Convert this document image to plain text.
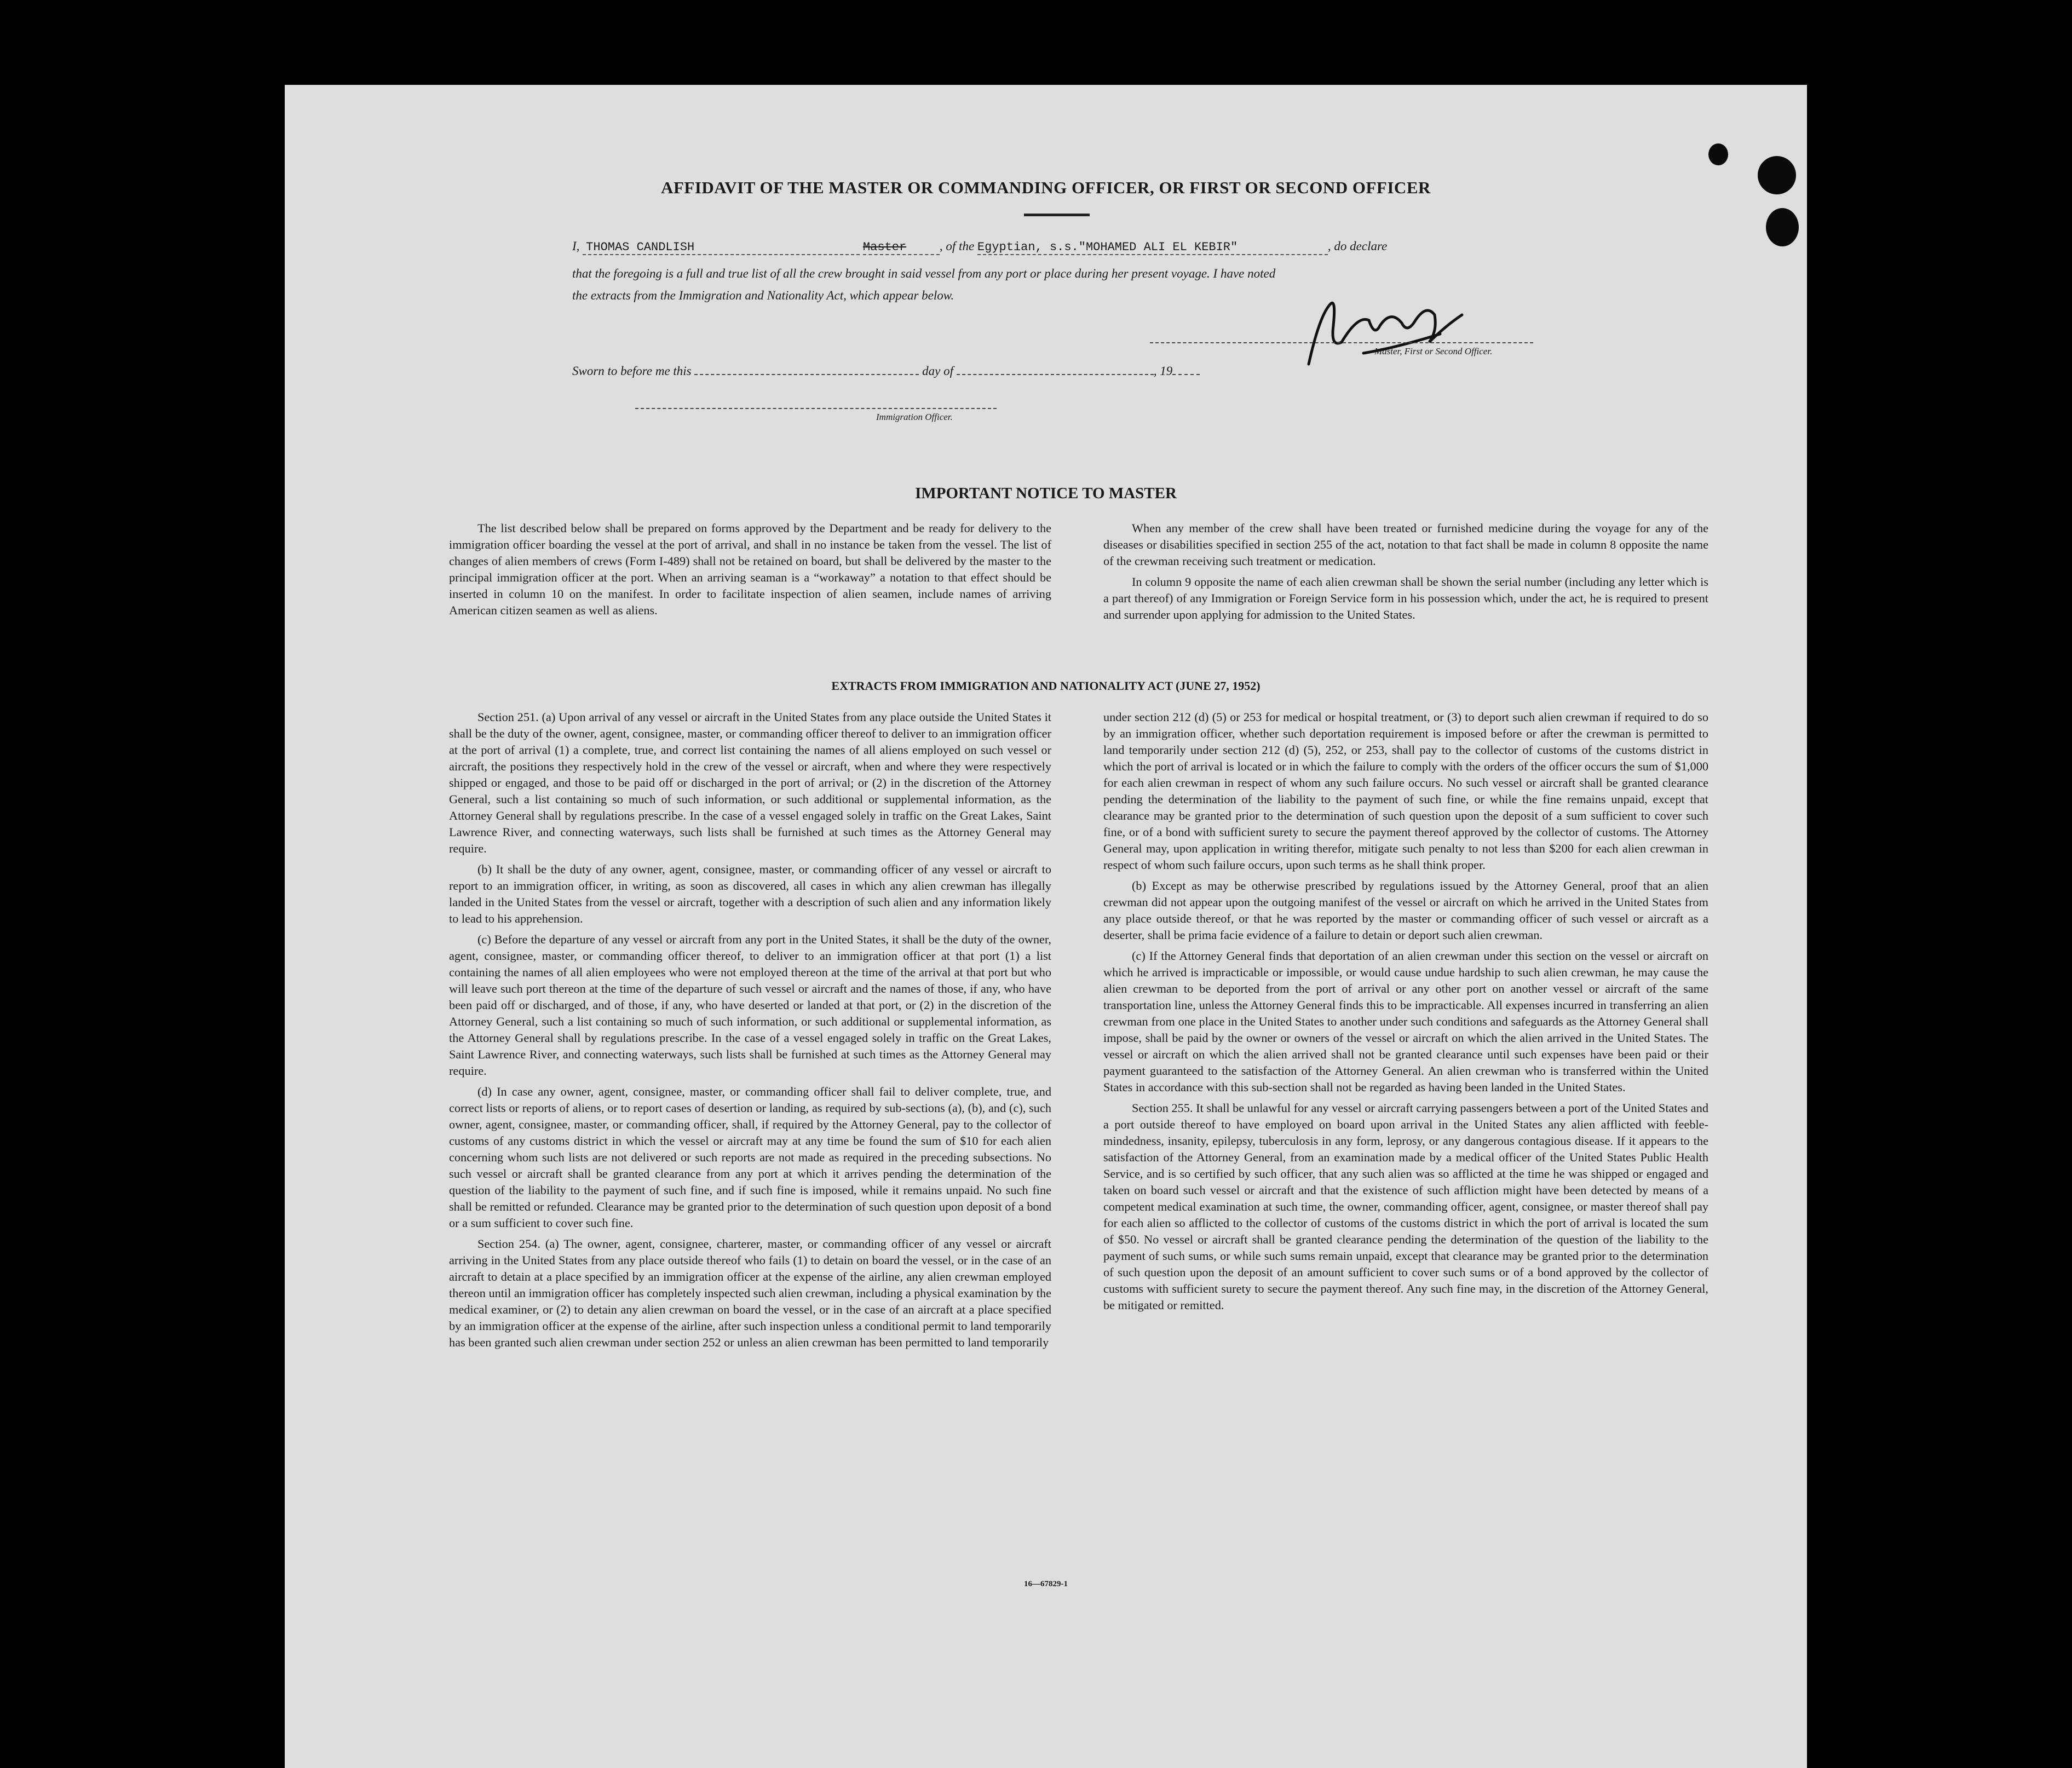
AFFIDAVIT OF THE MASTER OR COMMANDING OFFICER, OR FIRST OR SECOND OFFICER
I, THOMAS CANDLISH	Master	, of the Egyptian, s.s."MOHAMED ALI EL KEBIR"	, do declare
that the foregoing is a full and true list of all the crew brought in said vessel from any port or place during her present voyage. I have noted
the extracts from the Immigration and Nationality Act, which appear below.
Master, First or Second Officer.
Sworn to before me this	day of	, 19
Immigration Officer.
IMPORTANT NOTICE TO MASTER

The list described below shall be prepared on forms approved by the Department and be ready for delivery to the immigration officer boarding the vessel at the port of arrival, and shall in no instance be taken from the vessel. The list of changes of alien members of crews (Form I-489) shall not be retained on board, but shall be delivered by the master to the principal immigration officer at the port. When an arriving seaman is a “workaway” a notation to that effect should be inserted in column 10 on the manifest. In order to facilitate inspection of alien seamen, include names of arriving American citizen seamen as well as aliens.

When any member of the crew shall have been treated or furnished medicine during the voyage for any of the diseases or disabilities specified in section 255 of the act, notation to that fact shall be made in column 8 opposite the name of the crewman receiving such treatment or medication.

In column 9 opposite the name of each alien crewman shall be shown the serial number (including any letter which is a part thereof) of any Immigration or Foreign Service form in his possession which, under the act, he is required to present and surrender upon applying for admission to the United States.

EXTRACTS FROM IMMIGRATION AND NATIONALITY ACT (JUNE 27, 1952)

Section 251. (a) Upon arrival of any vessel or aircraft in the United States from any place outside the United States it shall be the duty of the owner, agent, consignee, master, or commanding officer thereof to deliver to an immigration officer at the port of arrival (1) a complete, true, and correct list containing the names of all aliens employed on such vessel or aircraft, the positions they respectively hold in the crew of the vessel or aircraft, when and where they were respectively shipped or engaged, and those to be paid off or discharged in the port of arrival; or (2) in the discretion of the Attorney General, such a list containing so much of such information, or such additional or supplemental information, as the Attorney General shall by regulations prescribe. In the case of a vessel engaged solely in traffic on the Great Lakes, Saint Lawrence River, and connecting waterways, such lists shall be furnished at such times as the Attorney General may require.

(b) It shall be the duty of any owner, agent, consignee, master, or commanding officer of any vessel or aircraft to report to an immigration officer, in writing, as soon as discovered, all cases in which any alien crewman has illegally landed in the United States from the vessel or aircraft, together with a description of such alien and any information likely to lead to his apprehension.

(c) Before the departure of any vessel or aircraft from any port in the United States, it shall be the duty of the owner, agent, consignee, master, or commanding officer thereof, to deliver to an immigration officer at that port (1) a list containing the names of all alien employees who were not employed thereon at the time of the arrival at that port but who will leave such port thereon at the time of the departure of such vessel or aircraft and the names of those, if any, who have been paid off or discharged, and of those, if any, who have deserted or landed at that port, or (2) in the discretion of the Attorney General, such a list containing so much of such information, or such additional or supplemental information, as the Attorney General shall by regulations prescribe. In the case of a vessel engaged solely in traffic on the Great Lakes, Saint Lawrence River, and connecting waterways, such lists shall be furnished at such times as the Attorney General may require.

(d) In case any owner, agent, consignee, master, or commanding officer shall fail to deliver complete, true, and correct lists or reports of aliens, or to report cases of desertion or landing, as required by sub-sections (a), (b), and (c), such owner, agent, consignee, master, or commanding officer, shall, if required by the Attorney General, pay to the collector of customs of any customs district in which the vessel or aircraft may at any time be found the sum of $10 for each alien concerning whom such lists are not delivered or such reports are not made as required in the preceding subsections. No such vessel or aircraft shall be granted clearance from any port at which it arrives pending the determination of the question of the liability to the payment of such fine, and if such fine is imposed, while it remains unpaid. No such fine shall be remitted or refunded. Clearance may be granted prior to the determination of such question upon deposit of a bond or a sum sufficient to cover such fine.

Section 254. (a) The owner, agent, consignee, charterer, master, or commanding officer of any vessel or aircraft arriving in the United States from any place outside thereof who fails (1) to detain on board the vessel, or in the case of an aircraft to detain at a place specified by an immigration officer at the expense of the airline, any alien crewman employed thereon until an immigration officer has completely inspected such alien crewman, including a physical examination by the medical examiner, or (2) to detain any alien crewman on board the vessel, or in the case of an aircraft at a place specified by an immigration officer at the expense of the airline, after such inspection unless a conditional permit to land temporarily has been granted such alien crewman under section 252 or unless an alien crewman has been permitted to land temporarily

under section 212 (d) (5) or 253 for medical or hospital treatment, or (3) to deport such alien crewman if required to do so by an immigration officer, whether such deportation requirement is imposed before or after the crewman is permitted to land temporarily under section 212 (d) (5), 252, or 253, shall pay to the collector of customs of the customs district in which the port of arrival is located or in which the failure to comply with the orders of the officer occurs the sum of $1,000 for each alien crewman in respect of whom any such failure occurs. No such vessel or aircraft shall be granted clearance pending the determination of the liability to the payment of such fine, or while the fine remains unpaid, except that clearance may be granted prior to the determination of such question upon the deposit of a sum sufficient to cover such fine, or of a bond with sufficient surety to secure the payment thereof approved by the collector of customs. The Attorney General may, upon application in writing therefor, mitigate such penalty to not less than $200 for each alien crewman in respect of whom such failure occurs, upon such terms as he shall think proper.

(b) Except as may be otherwise prescribed by regulations issued by the Attorney General, proof that an alien crewman did not appear upon the outgoing manifest of the vessel or aircraft on which he arrived in the United States from any place outside thereof, or that he was reported by the master or commanding officer of such vessel or aircraft as a deserter, shall be prima facie evidence of a failure to detain or deport such alien crewman.

(c) If the Attorney General finds that deportation of an alien crewman under this section on the vessel or aircraft on which he arrived is impracticable or impossible, or would cause undue hardship to such alien crewman, he may cause the alien crewman to be deported from the port of arrival or any other port on another vessel or aircraft of the same transportation line, unless the Attorney General finds this to be impracticable. All expenses incurred in transferring an alien crewman from one place in the United States to another under such conditions and safeguards as the Attorney General shall impose, shall be paid by the owner or owners of the vessel or aircraft on which the alien arrived in the United States. The vessel or aircraft on which the alien arrived shall not be granted clearance until such expenses have been paid or their payment guaranteed to the satisfaction of the Attorney General. An alien crewman who is transferred within the United States in accordance with this sub-section shall not be regarded as having been landed in the United States.

Section 255. It shall be unlawful for any vessel or aircraft carrying passengers between a port of the United States and a port outside thereof to have employed on board upon arrival in the United States any alien afflicted with feeble-mindedness, insanity, epilepsy, tuberculosis in any form, leprosy, or any dangerous contagious disease. If it appears to the satisfaction of the Attorney General, from an examination made by a medical officer of the United States Public Health Service, and is so certified by such officer, that any such alien was so afflicted at the time he was shipped or engaged and taken on board such vessel or aircraft and that the existence of such affliction might have been detected by means of a competent medical examination at such time, the owner, commanding officer, agent, consignee, or master thereof shall pay for each alien so afflicted to the collector of customs of the customs district in which the port of arrival is located the sum of $50. No vessel or aircraft shall be granted clearance pending the determination of the question of the liability to the payment of such sums, or while such sums remain unpaid, except that clearance may be granted prior to the determination of such question upon the deposit of an amount sufficient to cover such sums or of a bond approved by the collector of customs with sufficient surety to secure the payment thereof. Any such fine may, in the discretion of the Attorney General, be mitigated or remitted.

16—67829-1
